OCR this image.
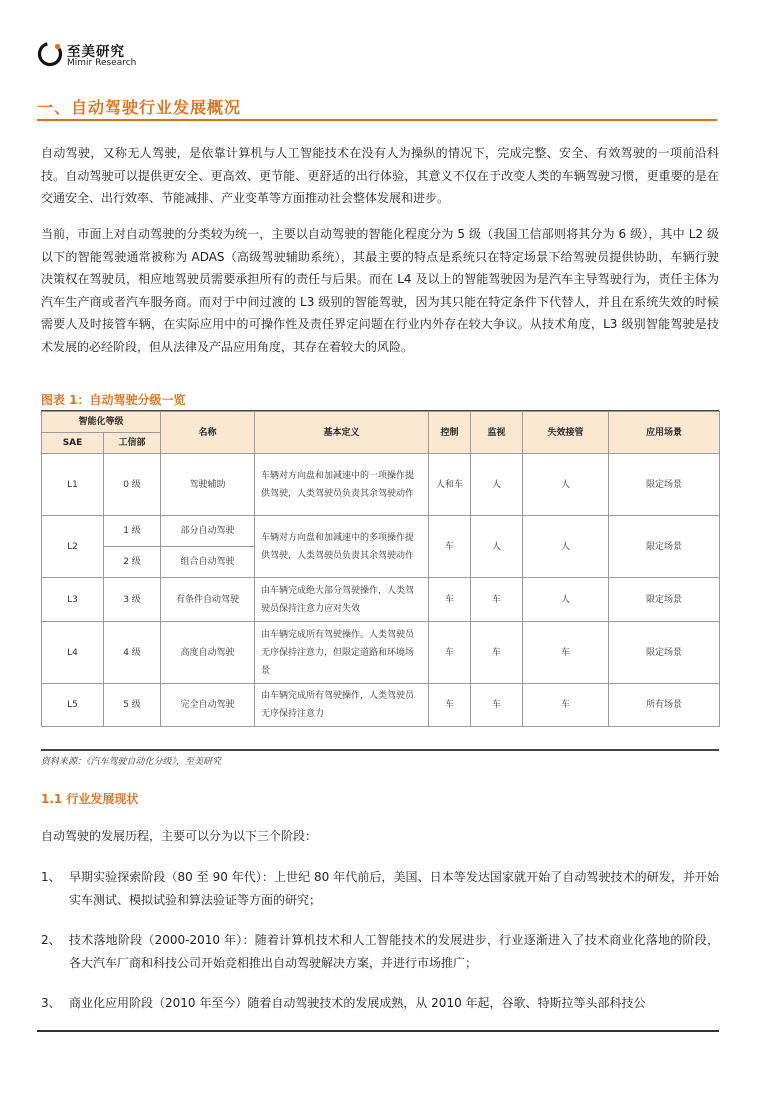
至美研究
Mimir Research
一、自动驾驶行业发展概况
自动驾驶，又称无人驾驶，是依靠计算机与人工智能技术在没有人为操纵的情况下，完成完整、安全、有效驾驶的一项前沿科技。自动驾驶可以提供更安全、更高效、更节能、更舒适的出行体验，其意义不仅在于改变人类的车辆驾驶习惯，更重要的是在交通安全、出行效率、节能减排、产业变革等方面推动社会整体发展和进步。
当前，市面上对自动驾驶的分类较为统一，主要以自动驾驶的智能化程度分为 5 级（我国工信部则将其分为 6 级），其中 L2 级以下的智能驾驶通常被称为 ADAS（高级驾驶辅助系统），其最主要的特点是系统只在特定场景下给驾驶员提供协助，车辆行驶决策权在驾驶员，相应地驾驶员需要承担所有的责任与后果。而在 L4 及以上的智能驾驶因为是汽车主导驾驶行为，责任主体为汽车生产商或者汽车服务商。而对于中间过渡的 L3 级别的智能驾驶，因为其只能在特定条件下代替人，并且在系统失效的时候需要人及时接管车辆，在实际应用中的可操作性及责任界定问题在行业内外存在较大争议。从技术角度，L3 级别智能驾驶是技术发展的必经阶段，但从法律及产品应用角度，其存在着较大的风险。
图表 1：自动驾驶分级一览
智能化等级		名称	基本定义	控制	监视	失效接管	应用场景
SAE	工信部						
L1	0 级	驾驶辅助	车辆对方向盘和加减速中的一项操作提供驾驶，人类驾驶员负责其余驾驶动作	人和车	人	人	限定场景
L2	1 级	部分自动驾驶	车辆对方向盘和加减速中的多项操作提供驾驶，人类驾驶员负责其余驾驶动作	车	人	人	限定场景
	2 级	组合自动驾驶					
L3	3 级	有条件自动驾驶	由车辆完成绝大部分驾驶操作，人类驾驶员保持注意力应对失效	车	车	人	限定场景
L4	4 级	高度自动驾驶	由车辆完成所有驾驶操作。人类驾驶员无序保持注意力，但限定道路和环境场景	车	车	车	限定场景
L5	5 级	完全自动驾驶	由车辆完成所有驾驶操作，人类驾驶员无序保持注意力	车	车	车	所有场景
资料来源：《汽车驾驶自动化分级》，至美研究
1.1 行业发展现状
自动驾驶的发展历程，主要可以分为以下三个阶段：
1、 早期实验探索阶段（80 至 90 年代）：上世纪 80 年代前后，美国、日本等发达国家就开始了自动驾驶技术的研发，并开始实车测试、模拟试验和算法验证等方面的研究；
2、 技术落地阶段（2000-2010 年）：随着计算机技术和人工智能技术的发展进步，行业逐渐进入了技术商业化落地的阶段，各大汽车厂商和科技公司开始竞相推出自动驾驶解决方案，并进行市场推广；
3、 商业化应用阶段（2010 年至今）随着自动驾驶技术的发展成熟，从 2010 年起，谷歌、特斯拉等头部科技公
